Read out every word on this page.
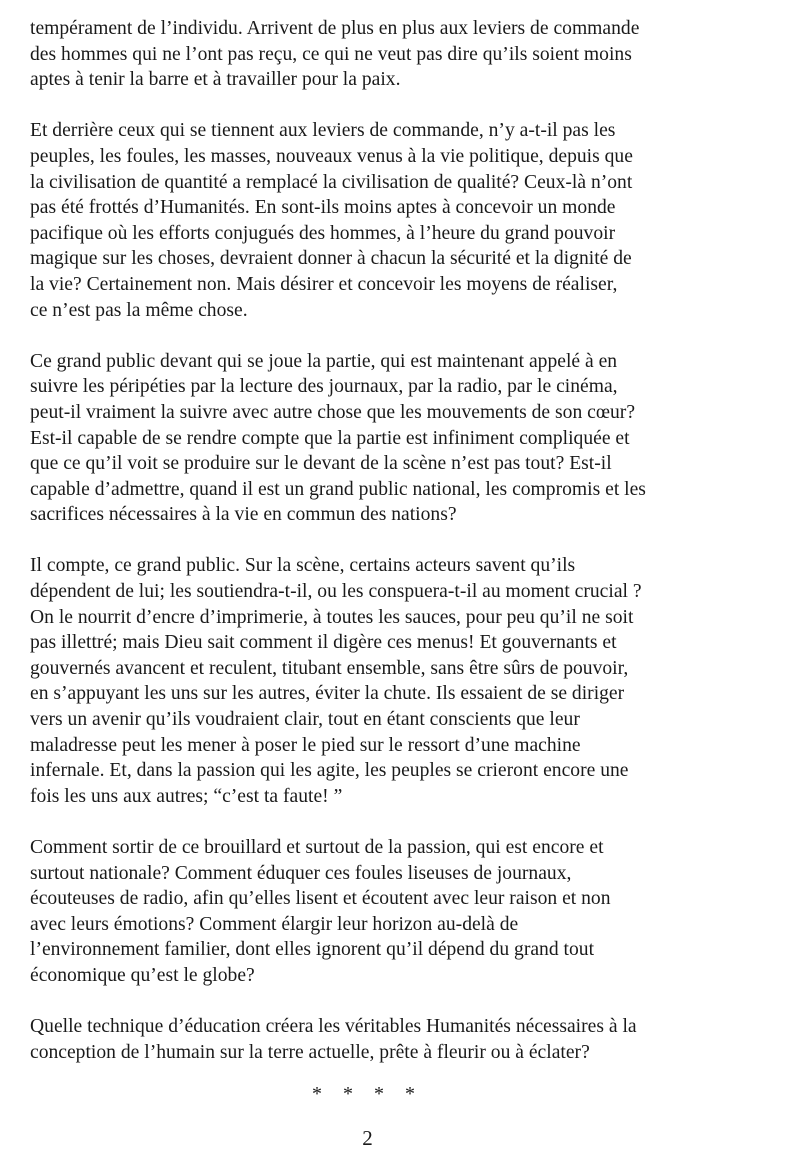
tempérament de l’individu. Arrivent de plus en plus aux leviers de commande
des hommes qui ne l’ont pas reçu, ce qui ne veut pas dire qu’ils soient moins
aptes à tenir la barre et à travailler pour la paix.

Et derrière ceux qui se tiennent aux leviers de commande, n’y a-t-il pas les
peuples, les foules, les masses, nouveaux venus à la vie politique, depuis que
la civilisation de quantité a remplacé la civilisation de qualité? Ceux-là n’ont
pas été frottés d’Humanités. En sont-ils moins aptes à concevoir un monde
pacifique où les efforts conjugués des hommes, à l’heure du grand pouvoir
magique sur les choses, devraient donner à chacun la sécurité et la dignité de
la vie? Certainement non. Mais désirer et concevoir les moyens de réaliser,
ce n’est pas la même chose.

Ce grand public devant qui se joue la partie, qui est maintenant appelé à en
suivre les péripéties par la lecture des journaux, par la radio, par le cinéma,
peut-il vraiment la suivre avec autre chose que les mouvements de son cœur?
Est-il capable de se rendre compte que la partie est infiniment compliquée et
que ce qu’il voit se produire sur le devant de la scène n’est pas tout? Est-il
capable d’admettre, quand il est un grand public national, les compromis et les
sacrifices nécessaires à la vie en commun des nations?

Il compte, ce grand public. Sur la scène, certains acteurs savent qu’ils
dépendent de lui; les soutiendra-t-il, ou les conspuera-t-il au moment crucial ?
On le nourrit d’encre d’imprimerie, à toutes les sauces, pour peu qu’il ne soit
pas illettré; mais Dieu sait comment il digère ces menus! Et gouvernants et
gouvernés avancent et reculent, titubant ensemble, sans être sûrs de pouvoir,
en s’appuyant les uns sur les autres, éviter la chute. Ils essaient de se diriger
vers un avenir qu’ils voudraient clair, tout en étant conscients que leur
maladresse peut les mener à poser le pied sur le ressort d’une machine
infernale. Et, dans la passion qui les agite, les peuples se crieront encore une
fois les uns aux autres; “c’est ta faute! ”

Comment sortir de ce brouillard et surtout de la passion, qui est encore et
surtout nationale? Comment éduquer ces foules liseuses de journaux,
écouteuses de radio, afin qu’elles lisent et écoutent avec leur raison et non
avec leurs émotions? Comment élargir leur horizon au-delà de
l’environnement familier, dont elles ignorent qu’il dépend du grand tout
économique qu’est le globe?

Quelle technique d’éducation créera les véritables Humanités nécessaires à la
conception de l’humain sur la terre actuelle, prête à fleurir ou à éclater?

* * * *
2
